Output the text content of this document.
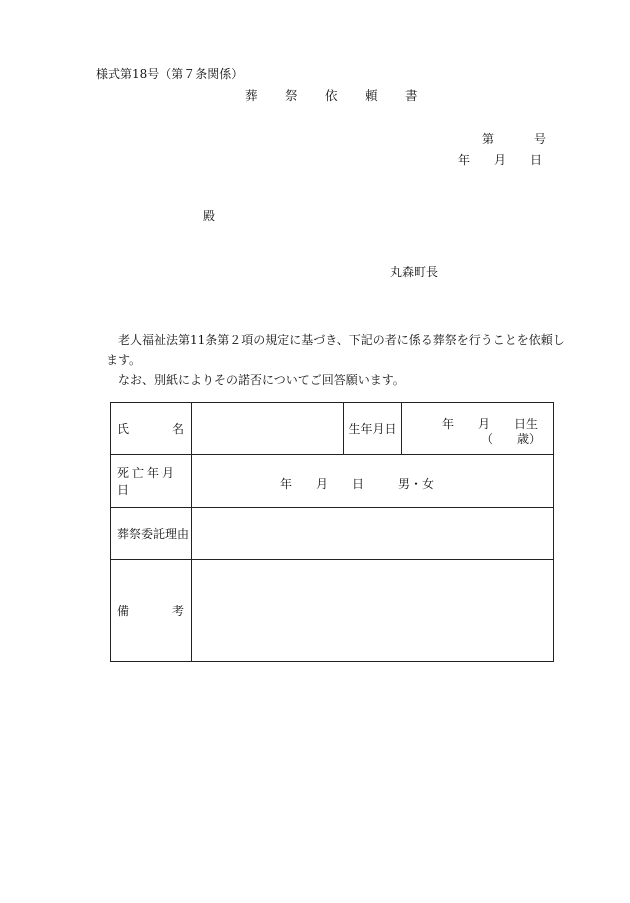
様式第18号（第７条関係）
葬 祭 依 頼 書
第	号
年 月 日
殿
丸森町長

老人福祉法第11条第２項の規定に基づき、下記の者に係る葬祭を行うことを依頼します。

なお、別紙によりその諾否についてご回答願います。

氏 名		生年月日	年　　月　　日生
（　　歳）

死亡年月日	年　　月　　日 男・女		

葬祭委託理由			

備 考			
